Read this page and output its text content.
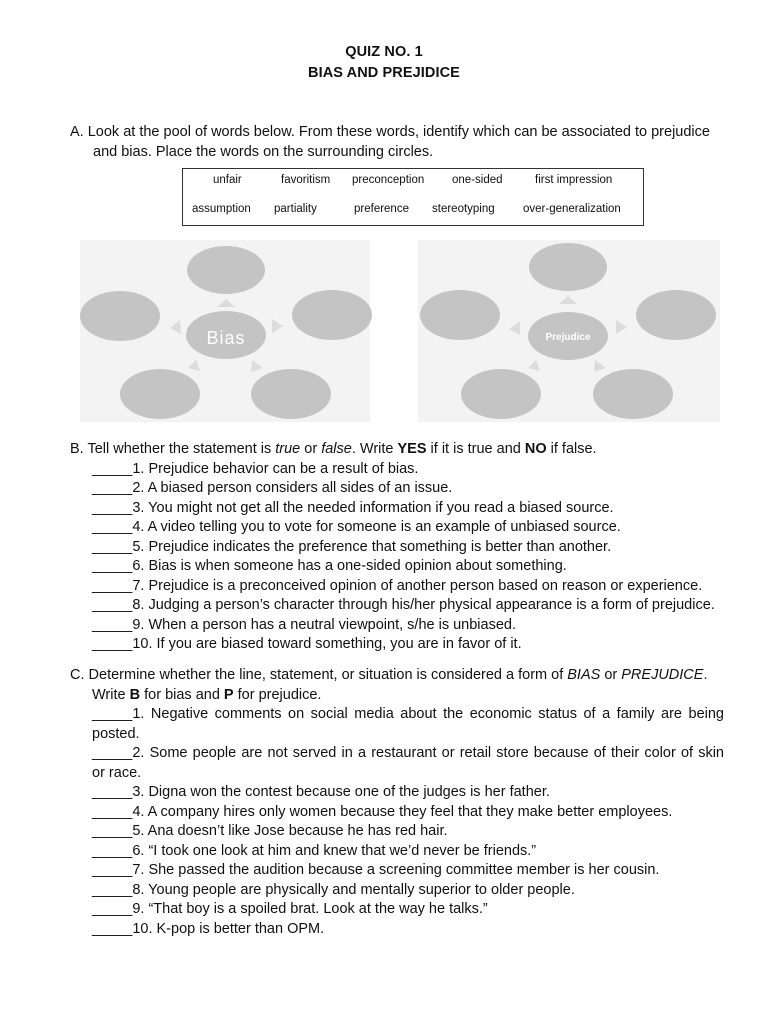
QUIZ NO. 1
BIAS AND PREJIDICE
A. Look at the pool of words below. From these words, identify which can be associated to prejudice
and bias. Place the words on the surrounding circles.
unfair	favoritism preconception one-sided	first impression
assumption partiality	preference stereotyping over-generalization
Bias	Prejudice
B. Tell whether the statement is true or false. Write YES if it is true and NO if false.
_____1. Prejudice behavior can be a result of bias.
_____2. A biased person considers all sides of an issue.
_____3. You might not get all the needed information if you read a biased source.
_____4. A video telling you to vote for someone is an example of unbiased source.
_____5. Prejudice indicates the preference that something is better than another.
_____6. Bias is when someone has a one-sided opinion about something.
_____7. Prejudice is a preconceived opinion of another person based on reason or experience.
_____8. Judging a person’s character through his/her physical appearance is a form of prejudice.
_____9. When a person has a neutral viewpoint, s/he is unbiased.
_____10. If you are biased toward something, you are in favor of it.
C. Determine whether the line, statement, or situation is considered a form of BIAS or PREJUDICE.
Write B for bias and P for prejudice.
_____1. Negative comments on social media about the economic status of a family are being
posted.
_____2. Some people are not served in a restaurant or retail store because of their color of skin
or race.
_____3. Digna won the contest because one of the judges is her father.
_____4. A company hires only women because they feel that they make better employees.
_____5. Ana doesn’t like Jose because he has red hair.
_____6. “I took one look at him and knew that we’d never be friends.”
_____7. She passed the audition because a screening committee member is her cousin.
_____8. Young people are physically and mentally superior to older people.
_____9. “That boy is a spoiled brat. Look at the way he talks.”
_____10. K-pop is better than OPM.
